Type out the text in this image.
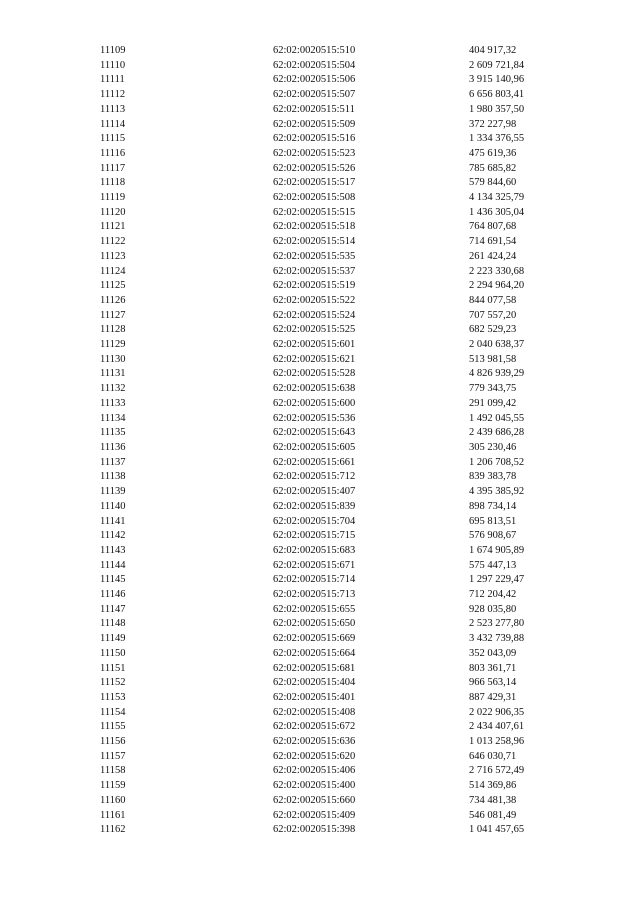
11109	62:02:0020515:510	404 917,32
11110	62:02:0020515:504	2 609 721,84
11111	62:02:0020515:506	3 915 140,96
11112	62:02:0020515:507	6 656 803,41
11113	62:02:0020515:511	1 980 357,50
11114	62:02:0020515:509	372 227,98
11115	62:02:0020515:516	1 334 376,55
11116	62:02:0020515:523	475 619,36
11117	62:02:0020515:526	785 685,82
11118	62:02:0020515:517	579 844,60
11119	62:02:0020515:508	4 134 325,79
11120	62:02:0020515:515	1 436 305,04
11121	62:02:0020515:518	764 807,68
11122	62:02:0020515:514	714 691,54
11123	62:02:0020515:535	261 424,24
11124	62:02:0020515:537	2 223 330,68
11125	62:02:0020515:519	2 294 964,20
11126	62:02:0020515:522	844 077,58
11127	62:02:0020515:524	707 557,20
11128	62:02:0020515:525	682 529,23
11129	62:02:0020515:601	2 040 638,37
11130	62:02:0020515:621	513 981,58
11131	62:02:0020515:528	4 826 939,29
11132	62:02:0020515:638	779 343,75
11133	62:02:0020515:600	291 099,42
11134	62:02:0020515:536	1 492 045,55
11135	62:02:0020515:643	2 439 686,28
11136	62:02:0020515:605	305 230,46
11137	62:02:0020515:661	1 206 708,52
11138	62:02:0020515:712	839 383,78
11139	62:02:0020515:407	4 395 385,92
11140	62:02:0020515:839	898 734,14
11141	62:02:0020515:704	695 813,51
11142	62:02:0020515:715	576 908,67
11143	62:02:0020515:683	1 674 905,89
11144	62:02:0020515:671	575 447,13
11145	62:02:0020515:714	1 297 229,47
11146	62:02:0020515:713	712 204,42
11147	62:02:0020515:655	928 035,80
11148	62:02:0020515:650	2 523 277,80
11149	62:02:0020515:669	3 432 739,88
11150	62:02:0020515:664	352 043,09
11151	62:02:0020515:681	803 361,71
11152	62:02:0020515:404	966 563,14
11153	62:02:0020515:401	887 429,31
11154	62:02:0020515:408	2 022 906,35
11155	62:02:0020515:672	2 434 407,61
11156	62:02:0020515:636	1 013 258,96
11157	62:02:0020515:620	646 030,71
11158	62:02:0020515:406	2 716 572,49
11159	62:02:0020515:400	514 369,86
11160	62:02:0020515:660	734 481,38
11161	62:02:0020515:409	546 081,49
11162	62:02:0020515:398	1 041 457,65
